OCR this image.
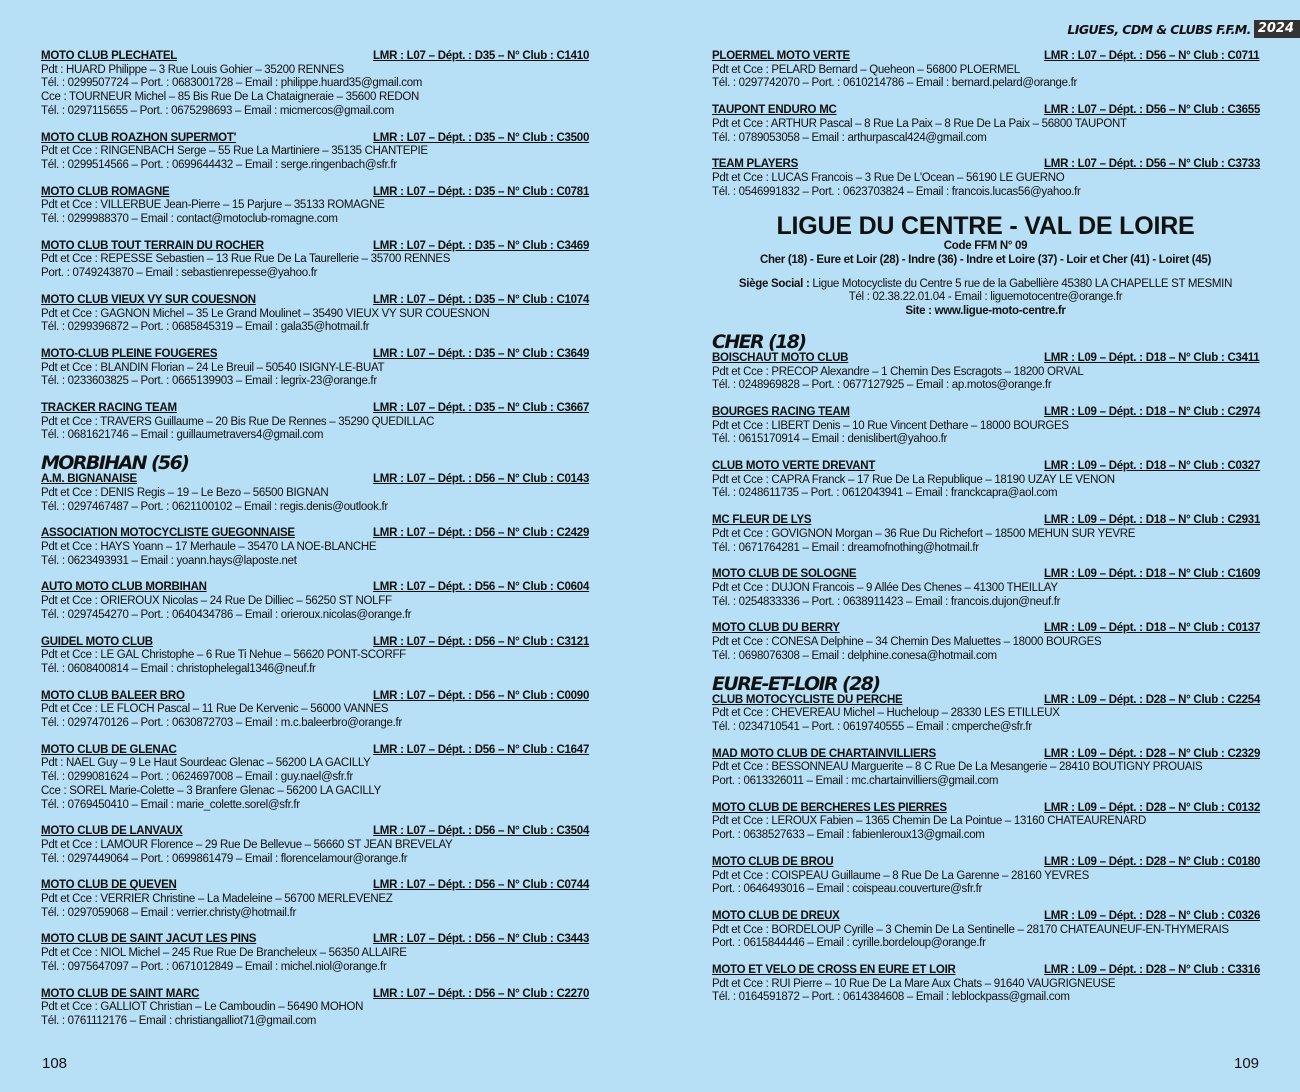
LIGUES, CDM & CLUBS F.F.M. 2024
MOTO CLUB PLECHATEL	LMR : L07 – Dépt. : D35 – N° Club : C1410
Pdt : HUARD Philippe – 3 Rue Louis Gohier – 35200 RENNES
Tél. : 0299507724 – Port. : 0683001728 – Email : philippe.huard35@gmail.com
Cce : TOURNEUR Michel – 85 Bis Rue De La Chataigneraie – 35600 REDON
Tél. : 0297115655 – Port. : 0675298693 – Email : micmercos@gmail.com
MOTO CLUB ROAZHON SUPERMOT'	LMR : L07 – Dépt. : D35 – N° Club : C3500
Pdt et Cce : RINGENBACH Serge – 55 Rue La Martiniere – 35135 CHANTEPIE
Tél. : 0299514566 – Port. : 0699644432 – Email : serge.ringenbach@sfr.fr
MOTO CLUB ROMAGNE	LMR : L07 – Dépt. : D35 – N° Club : C0781
Pdt et Cce : VILLERBUE Jean-Pierre – 15 Parjure – 35133 ROMAGNE
Tél. : 0299988370 – Email : contact@motoclub-romagne.com
MOTO CLUB TOUT TERRAIN DU ROCHER	LMR : L07 – Dépt. : D35 – N° Club : C3469
Pdt et Cce : REPESSE Sebastien – 13 Rue Rue De La Taurellerie – 35700 RENNES
Port. : 0749243870 – Email : sebastienrepesse@yahoo.fr
MOTO CLUB VIEUX VY SUR COUESNON	LMR : L07 – Dépt. : D35 – N° Club : C1074
Pdt et Cce : GAGNON Michel – 35 Le Grand Moulinet – 35490 VIEUX VY SUR COUESNON
Tél. : 0299396872 – Port. : 0685845319 – Email : gala35@hotmail.fr
MOTO-CLUB PLEINE FOUGERES	LMR : L07 – Dépt. : D35 – N° Club : C3649
Pdt et Cce : BLANDIN Florian – 24 Le Breuil – 50540 ISIGNY-LE-BUAT
Tél. : 0233603825 – Port. : 0665139903 – Email : legrix-23@orange.fr
TRACKER RACING TEAM	LMR : L07 – Dépt. : D35 – N° Club : C3667
Pdt et Cce : TRAVERS Guillaume – 20 Bis Rue De Rennes – 35290 QUEDILLAC
Tél. : 0681621746 – Email : guillaumetravers4@gmail.com
MORBIHAN (56)
A.M. BIGNANAISE	LMR : L07 – Dépt. : D56 – N° Club : C0143
Pdt et Cce : DENIS Regis – 19 – Le Bezo – 56500 BIGNAN
Tél. : 0297467487 – Port. : 0621100102 – Email : regis.denis@outlook.fr
ASSOCIATION MOTOCYCLISTE GUEGONNAISE	LMR : L07 – Dépt. : D56 – N° Club : C2429
Pdt et Cce : HAYS Yoann – 17 Merhaule – 35470 LA NOE-BLANCHE
Tél. : 0623493931 – Email : yoann.hays@laposte.net
AUTO MOTO CLUB MORBIHAN	LMR : L07 – Dépt. : D56 – N° Club : C0604
Pdt et Cce : ORIEROUX Nicolas – 24 Rue De Dilliec – 56250 ST NOLFF
Tél. : 0297454270 – Port. : 0640434786 – Email : orieroux.nicolas@orange.fr
GUIDEL MOTO CLUB	LMR : L07 – Dépt. : D56 – N° Club : C3121
Pdt et Cce : LE GAL Christophe – 6 Rue Ti Nehue – 56620 PONT-SCORFF
Tél. : 0608400814 – Email : christophelegal1346@neuf.fr
MOTO CLUB BALEER BRO	LMR : L07 – Dépt. : D56 – N° Club : C0090
Pdt et Cce : LE FLOCH Pascal – 11 Rue De Kervenic – 56000 VANNES
Tél. : 0297470126 – Port. : 0630872703 – Email : m.c.baleerbro@orange.fr
MOTO CLUB DE GLENAC	LMR : L07 – Dépt. : D56 – N° Club : C1647
Pdt : NAEL Guy – 9 Le Haut Sourdeac Glenac – 56200 LA GACILLY
Tél. : 0299081624 – Port. : 0624697008 – Email : guy.nael@sfr.fr
Cce : SOREL Marie-Colette – 3 Branfere Glenac – 56200 LA GACILLY
Tél. : 0769450410 – Email : marie_colette.sorel@sfr.fr
MOTO CLUB DE LANVAUX	LMR : L07 – Dépt. : D56 – N° Club : C3504
Pdt et Cce : LAMOUR Florence – 29 Rue De Bellevue – 56660 ST JEAN BREVELAY
Tél. : 0297449064 – Port. : 0699861479 – Email : florencelamour@orange.fr
MOTO CLUB DE QUEVEN	LMR : L07 – Dépt. : D56 – N° Club : C0744
Pdt et Cce : VERRIER Christine – La Madeleine – 56700 MERLEVENEZ
Tél. : 0297059068 – Email : verrier.christy@hotmail.fr
MOTO CLUB DE SAINT JACUT LES PINS	LMR : L07 – Dépt. : D56 – N° Club : C3443
Pdt et Cce : NIOL Michel – 245 Rue Rue De Brancheleux – 56350 ALLAIRE
Tél. : 0975647097 – Port. : 0671012849 – Email : michel.niol@orange.fr
MOTO CLUB DE SAINT MARC	LMR : L07 – Dépt. : D56 – N° Club : C2270
Pdt et Cce : GALLIOT Christian – Le Camboudin – 56490 MOHON
Tél. : 0761112176 – Email : christiangalliot71@gmail.com
PLOERMEL MOTO VERTE	LMR : L07 – Dépt. : D56 – N° Club : C0711
Pdt et Cce : PELARD Bernard – Queheon – 56800 PLOERMEL
Tél. : 0297742070 – Port. : 0610214786 – Email : bernard.pelard@orange.fr
TAUPONT ENDURO MC	LMR : L07 – Dépt. : D56 – N° Club : C3655
Pdt et Cce : ARTHUR Pascal – 8 Rue La Paix – 8 Rue De La Paix – 56800 TAUPONT
Tél. : 0789053058 – Email : arthurpascal424@gmail.com
TEAM PLAYERS	LMR : L07 – Dépt. : D56 – N° Club : C3733
Pdt et Cce : LUCAS Francois – 3 Rue De L'Ocean – 56190 LE GUERNO
Tél. : 0546991832 – Port. : 0623703824 – Email : francois.lucas56@yahoo.fr
LIGUE DU CENTRE - VAL DE LOIRE
Code FFM N° 09
Cher (18) - Eure et Loir (28) - Indre (36) - Indre et Loire (37) - Loir et Cher (41) - Loiret (45)
Siège Social : Ligue Motocycliste du Centre 5 rue de la Gabellière 45380 LA CHAPELLE ST MESMIN
Tél : 02.38.22.01.04 - Email : liguemotocentre@orange.fr
Site : www.ligue-moto-centre.fr
CHER (18)
BOISCHAUT MOTO CLUB	LMR : L09 – Dépt. : D18 – N° Club : C3411
Pdt et Cce : PRECOP Alexandre – 1 Chemin Des Escragots – 18200 ORVAL
Tél. : 0248969828 – Port. : 0677127925 – Email : ap.motos@orange.fr
BOURGES RACING TEAM	LMR : L09 – Dépt. : D18 – N° Club : C2974
Pdt et Cce : LIBERT Denis – 10 Rue Vincent Dethare – 18000 BOURGES
Tél. : 0615170914 – Email : denislibert@yahoo.fr
CLUB MOTO VERTE DREVANT	LMR : L09 – Dépt. : D18 – N° Club : C0327
Pdt et Cce : CAPRA Franck – 17 Rue De La Republique – 18190 UZAY LE VENON
Tél. : 0248611735 – Port. : 0612043941 – Email : franckcapra@aol.com
MC FLEUR DE LYS	LMR : L09 – Dépt. : D18 – N° Club : C2931
Pdt et Cce : GOVIGNON Morgan – 36 Rue Du Richefort – 18500 MEHUN SUR YEVRE
Tél. : 0671764281 – Email : dreamofnothing@hotmail.fr
MOTO CLUB DE SOLOGNE	LMR : L09 – Dépt. : D18 – N° Club : C1609
Pdt et Cce : DUJON Francois – 9 Allée Des Chenes – 41300 THEILLAY
Tél. : 0254833336 – Port. : 0638911423 – Email : francois.dujon@neuf.fr
MOTO CLUB DU BERRY	LMR : L09 – Dépt. : D18 – N° Club : C0137
Pdt et Cce : CONESA Delphine – 34 Chemin Des Maluettes – 18000 BOURGES
Tél. : 0698076308 – Email : delphine.conesa@hotmail.com
EURE-ET-LOIR (28)
CLUB MOTOCYCLISTE DU PERCHE	LMR : L09 – Dépt. : D28 – N° Club : C2254
Pdt et Cce : CHEVEREAU Michel – Hucheloup – 28330 LES ETILLEUX
Tél. : 0234710541 – Port. : 0619740555 – Email : cmperche@sfr.fr
MAD MOTO CLUB DE CHARTAINVILLIERS	LMR : L09 – Dépt. : D28 – N° Club : C2329
Pdt et Cce : BESSONNEAU Marguerite – 8 C Rue De La Mesangerie – 28410 BOUTIGNY PROUAIS
Port. : 0613326011 – Email : mc.chartainvilliers@gmail.com
MOTO CLUB DE BERCHERES LES PIERRES	LMR : L09 – Dépt. : D28 – N° Club : C0132
Pdt et Cce : LEROUX Fabien – 1365 Chemin De La Pointue – 13160 CHATEAURENARD
Port. : 0638527633 – Email : fabienleroux13@gmail.com
MOTO CLUB DE BROU	LMR : L09 – Dépt. : D28 – N° Club : C0180
Pdt et Cce : COISPEAU Guillaume – 8 Rue De La Garenne – 28160 YEVRES
Port. : 0646493016 – Email : coispeau.couverture@sfr.fr
MOTO CLUB DE DREUX	LMR : L09 – Dépt. : D28 – N° Club : C0326
Pdt et Cce : BORDELOUP Cyrille – 3 Chemin De La Sentinelle – 28170 CHATEAUNEUF-EN-THYMERAIS
Port. : 0615844446 – Email : cyrille.bordeloup@orange.fr
MOTO ET VELO DE CROSS EN EURE ET LOIR	LMR : L09 – Dépt. : D28 – N° Club : C3316
Pdt et Cce : RUI Pierre – 10 Rue De La Mare Aux Chats – 91640 VAUGRIGNEUSE
Tél. : 0164591872 – Port. : 0614384608 – Email : leblockpass@gmail.com
108	109
